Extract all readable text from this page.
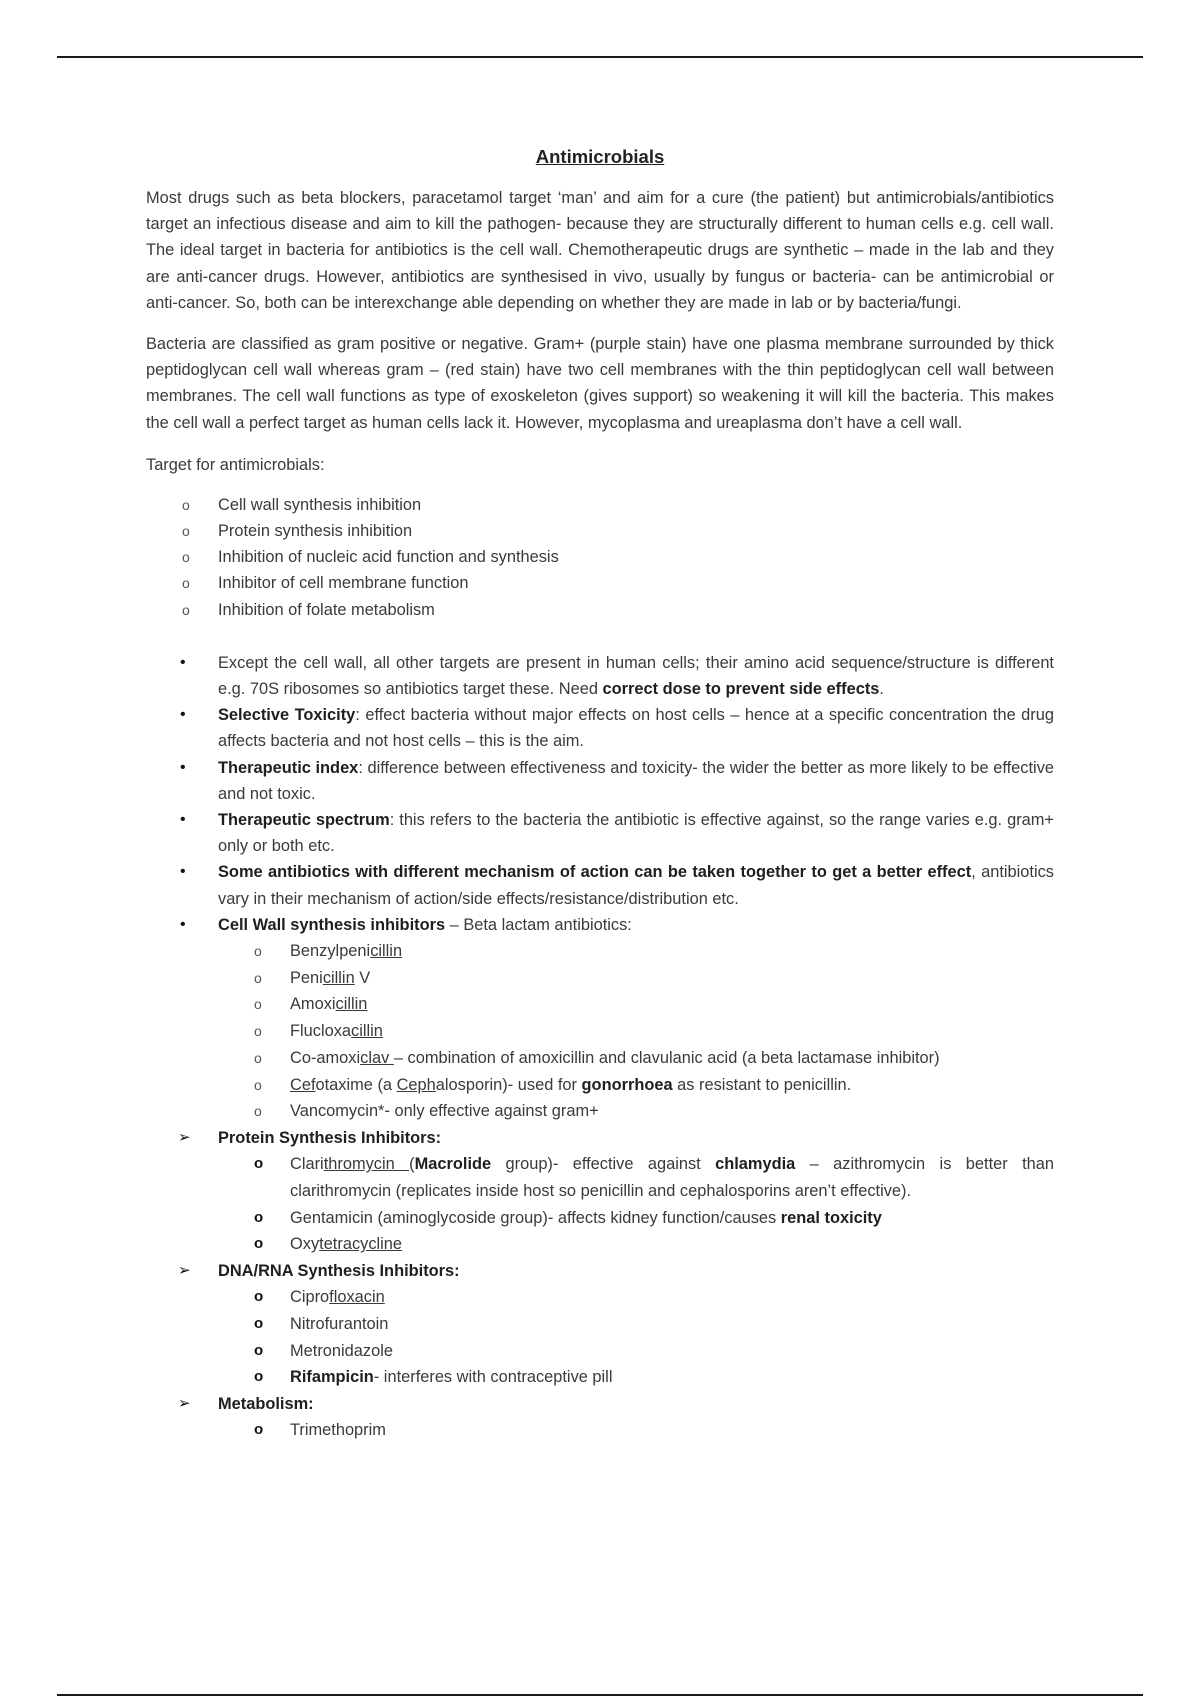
Antimicrobials

Most drugs such as beta blockers, paracetamol target ‘man’ and aim for a cure (the patient) but antimicrobials/antibiotics target an infectious disease and aim to kill the pathogen- because they are structurally different to human cells e.g. cell wall. The ideal target in bacteria for antibiotics is the cell wall. Chemotherapeutic drugs are synthetic – made in the lab and they are anti-cancer drugs. However, antibiotics are synthesised in vivo, usually by fungus or bacteria- can be antimicrobial or anti-cancer. So, both can be interexchange able depending on whether they are made in lab or by bacteria/fungi.

Bacteria are classified as gram positive or negative. Gram+ (purple stain) have one plasma membrane surrounded by thick peptidoglycan cell wall whereas gram – (red stain) have two cell membranes with the thin peptidoglycan cell wall between membranes. The cell wall functions as type of exoskeleton (gives support) so weakening it will kill the bacteria. This makes the cell wall a perfect target as human cells lack it. However, mycoplasma and ureaplasma don’t have a cell wall.

Target for antimicrobials:
o Cell wall synthesis inhibition
o Protein synthesis inhibition
o Inhibition of nucleic acid function and synthesis
o Inhibitor of cell membrane function
o Inhibition of folate metabolism
• Except the cell wall, all other targets are present in human cells; their amino acid sequence/structure is different e.g. 70S ribosomes so antibiotics target these. Need correct dose to prevent side effects.
• Selective Toxicity: effect bacteria without major effects on host cells – hence at a specific concentration the drug affects bacteria and not host cells – this is the aim.
• Therapeutic index: difference between effectiveness and toxicity- the wider the better as more likely to be effective and not toxic.
• Therapeutic spectrum: this refers to the bacteria the antibiotic is effective against, so the range varies e.g. gram+ only or both etc.
• Some antibiotics with different mechanism of action can be taken together to get a better effect, antibiotics vary in their mechanism of action/side effects/resistance/distribution etc.
• Cell Wall synthesis inhibitors – Beta lactam antibiotics:
o Benzylpenicillin
o Penicillin V
o Amoxicillin
o Flucloxacillin
o Co-amoxiclav – combination of amoxicillin and clavulanic acid (a beta lactamase inhibitor)
o Cefotaxime (a Cephalosporin)- used for gonorrhoea as resistant to penicillin.
o Vancomycin*- only effective against gram+
➢ Protein Synthesis Inhibitors:
o Clarithromycin (Macrolide group)- effective against chlamydia – azithromycin is better than clarithromycin (replicates inside host so penicillin and cephalosporins aren’t effective).
o Gentamicin (aminoglycoside group)- affects kidney function/causes renal toxicity
o Oxytetracycline
➢ DNA/RNA Synthesis Inhibitors:
o Ciprofloxacin
o Nitrofurantoin
o Metronidazole
o Rifampicin- interferes with contraceptive pill
➢ Metabolism:
o Trimethoprim
